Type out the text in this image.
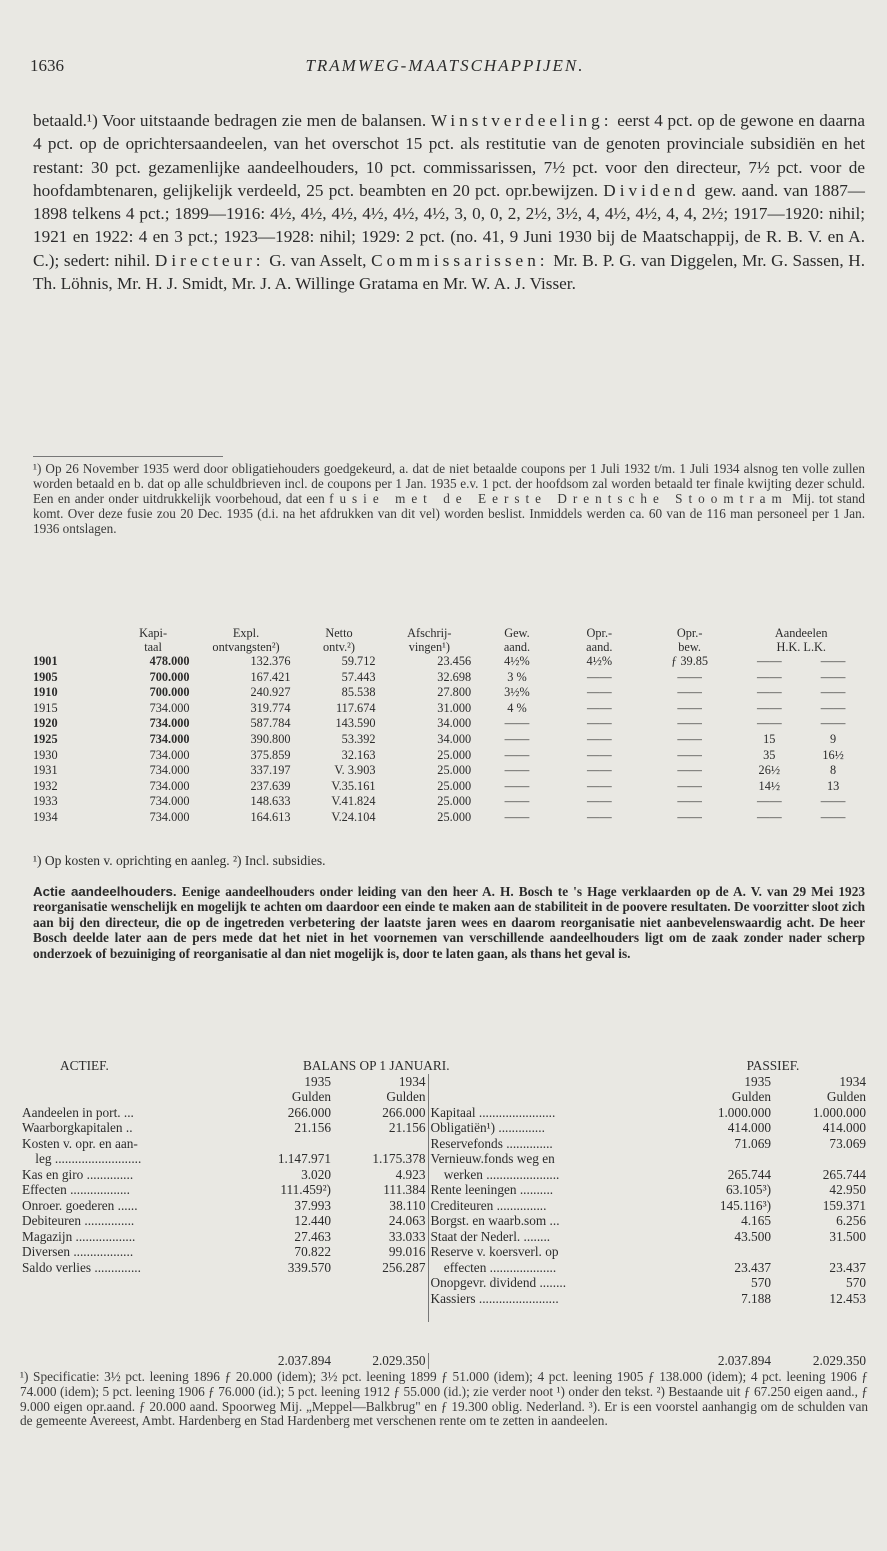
1636	TRAMWEG-MAATSCHAPPIJEN.
betaald.¹) Voor uitstaande bedragen zie men de balansen. Winstverdeeling: eerst 4 pct. op de gewone en daarna 4 pct. op de oprichtersaandeelen, van het overschot 15 pct. als restitutie van de genoten provinciale subsidiën en het restant: 30 pct. gezamenlijke aandeelhouders, 10 pct. commissarissen, 7½ pct. voor den directeur, 7½ pct. voor de hoofdambtenaren, gelijkelijk verdeeld, 25 pct. beambten en 20 pct. opr.bewijzen. Dividend gew. aand. van 1887—1898 telkens 4 pct.; 1899—1916: 4½, 4½, 4½, 4½, 4½, 4½, 3, 0, 0, 2, 2½, 3½, 4, 4½, 4½, 4, 4, 2½; 1917—1920: nihil; 1921 en 1922: 4 en 3 pct.; 1923—1928: nihil; 1929: 2 pct. (no. 41, 9 Juni 1930 bij de Maatschappij, de R. B. V. en A. C.); sedert: nihil. Directeur: G. van Asselt, Commissarissen: Mr. B. P. G. van Diggelen, Mr. G. Sassen, H. Th. Löhnis, Mr. H. J. Smidt, Mr. J. A. Willinge Gratama en Mr. W. A. J. Visser.
¹) Op 26 November 1935 werd door obligatiehouders goedgekeurd, a. dat de niet betaalde coupons per 1 Juli 1932 t/m. 1 Juli 1934 alsnog ten volle zullen worden betaald en b. dat op alle schuldbrieven incl. de coupons per 1 Jan. 1935 e.v. 1 pct. der hoofdsom zal worden betaald ter finale kwijting dezer schuld. Een en ander onder uitdrukkelijk voorbehoud, dat een fusie met de Eerste Drentsche Stoomtram Mij. tot stand komt. Over deze fusie zou 20 Dec. 1935 (d.i. na het afdrukken van dit vel) worden beslist. Inmiddels werden ca. 60 van de 116 man personeel per 1 Jan. 1936 ontslagen.
	Kapi-	Expl.	Netto	Afschrij-	Gew.	Opr.-	Opr.-	Aandeelen	
	taal	ontvangsten²)	ontv.²)	vingen¹)	aand.	aand.	bew.	H.K. L.K.	
1901	478.000	132.376	59.712	23.456	4½%	4½%	ƒ 39.85	——	——
1905	700.000	167.421	57.443	32.698	3 %	——	——	——	——
1910	700.000	240.927	85.538	27.800	3½%	——	——	——	——
1915	734.000	319.774	117.674	31.000	4 %	——	——	——	——
1920	734.000	587.784	143.590	34.000	——	——	——	——	——
1925	734.000	390.800	53.392	34.000	——	——	——	15	9
1930	734.000	375.859	32.163	25.000	——	——	——	35	16½
1931	734.000	337.197	V. 3.903	25.000	——	——	——	26½	8
1932	734.000	237.639	V.35.161	25.000	——	——	——	14½	13
1933	734.000	148.633	V.41.824	25.000	——	——	——	——	——
1934	734.000	164.613	V.24.104	25.000	——	——	——	——	——
¹) Op kosten v. oprichting en aanleg. ²) Incl. subsidies.
Actie aandeelhouders. Eenige aandeelhouders onder leiding van den heer A. H. Bosch te 's Hage verklaarden op de A. V. van 29 Mei 1923 reorganisatie wenschelijk en mogelijk te achten om daardoor een einde te maken aan de stabiliteit in de poovere resultaten. De voorzitter sloot zich aan bij den directeur, die op de ingetreden verbetering der laatste jaren wees en daarom reorganisatie niet aanbevelenswaardig acht. De heer Bosch deelde later aan de pers mede dat het niet in het voornemen van verschillende aandeelhouders ligt om de zaak zonder nader scherp onderzoek of bezuiniging of reorganisatie al dan niet mogelijk is, door te laten gaan, als thans het geval is.
ACTIEF.	BALANS OP 1 JANUARI.			PASSIEF.	
	1935	1934		1935	1934
	Gulden	Gulden		Gulden	Gulden
Aandeelen in port. ...	266.000	266.000	Kapitaal .......................	1.000.000	1.000.000
Waarborgkapitalen ..	21.156	21.156	Obligatiën¹) ..............	414.000	414.000
Kosten v. opr. en aan-			Reservefonds ..............	71.069	73.069
leg ..........................	1.147.971	1.175.378	Vernieuw.fonds weg en		
Kas en giro ..............	3.020	4.923	werken ......................	265.744	265.744
Effecten ..................	111.459²)	111.384	Rente leeningen ..........	63.105³)	42.950
Onroer. goederen ......	37.993	38.110	Crediteuren ...............	145.116³)	159.371
Debiteuren ...............	12.440	24.063	Borgst. en waarb.som ...	4.165	6.256
Magazijn ..................	27.463	33.033	Staat der Nederl. ........	43.500	31.500
Diversen ..................	70.822	99.016	Reserve v. koersverl. op		
Saldo verlies ..............	339.570	256.287	effecten ....................	23.437	23.437
			Onopgevr. dividend ........	570	570
			Kassiers ........................	7.188	12.453

	2.037.894	2.029.350		2.037.894	2.029.350
¹) Specificatie: 3½ pct. leening 1896 ƒ 20.000 (idem); 3½ pct. leening 1899 ƒ 51.000 (idem); 4 pct. leening 1905 ƒ 138.000 (idem); 4 pct. leening 1906 ƒ 74.000 (idem); 5 pct. leening 1906 ƒ 76.000 (id.); 5 pct. leening 1912 ƒ 55.000 (id.); zie verder noot ¹) onder den tekst. ²) Bestaande uit ƒ 67.250 eigen aand., ƒ 9.000 eigen opr.aand. ƒ 20.000 aand. Spoorweg Mij. „Meppel—Balkbrug" en ƒ 19.300 oblig. Nederland. ³). Er is een voorstel aanhangig om de schulden van de gemeente Avereest, Ambt. Hardenberg en Stad Hardenberg met verschenen rente om te zetten in aandeelen.
